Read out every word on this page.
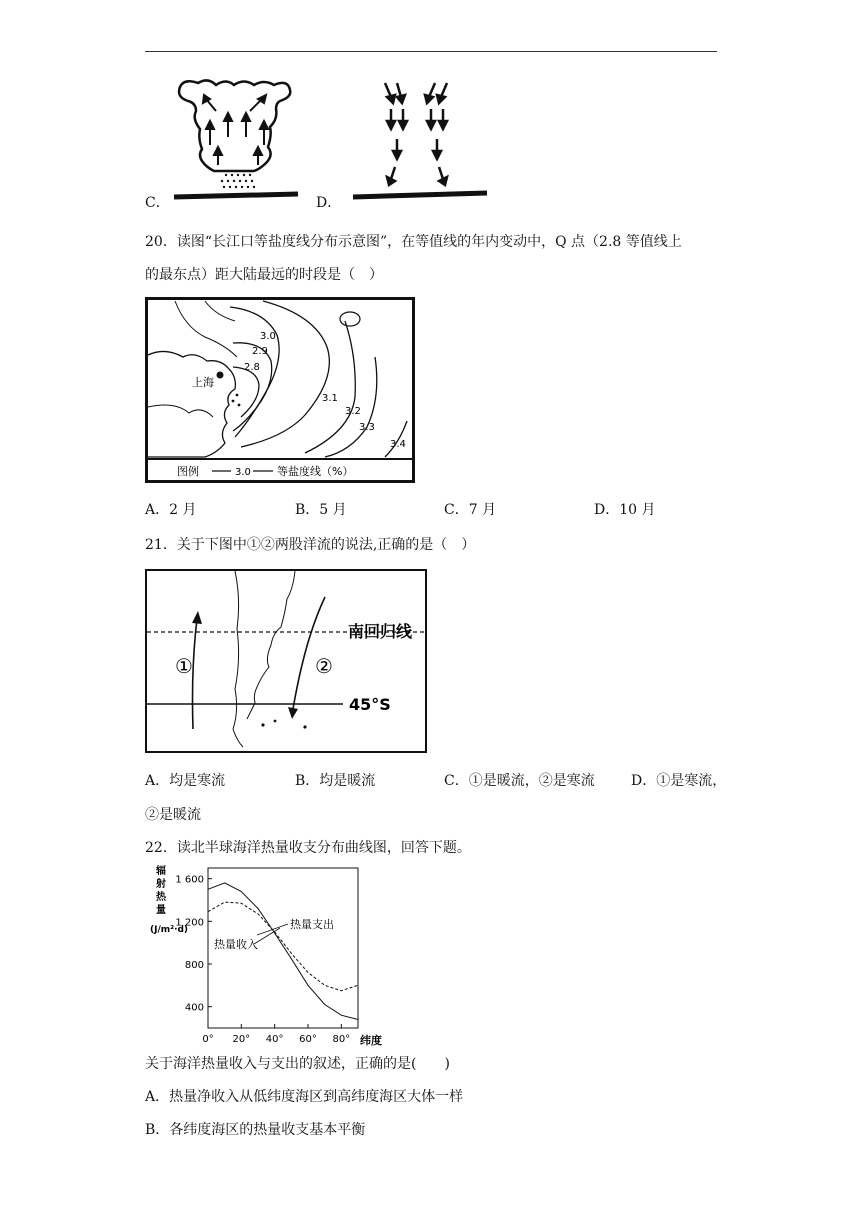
C．	D．
20．读图“长江口等盐度线分布示意图”，在等值线的年内变动中，Q 点（2.8 等值线上
的最东点）距大陆最远的时段是（　）
上海
3.0
2.9
2.8
3.1
3.2
3.3
3.4
图例	3.0 等盐度线（%）
A．2 月	B．5 月	C．7 月	D．10 月
21．关于下图中①②两股洋流的说法,正确的是（　）
南回归线
45°S
①	②
A．均是寒流	B．均是暖流	C．①是暖流，②是寒流	D．①是寒流，
②是暖流
22．读北半球海洋热量收支分布曲线图，回答下题。
辐射热量(J/m²·d)
辐
射
热
量
(J/m²·d)
1 600
1 200
800
400
0° 20° 40° 60° 80° 纬度
热量支出
热量收入
关于海洋热量收入与支出的叙述，正确的是(　　)
A．热量净收入从低纬度海区到高纬度海区大体一样
B．各纬度海区的热量收支基本平衡
